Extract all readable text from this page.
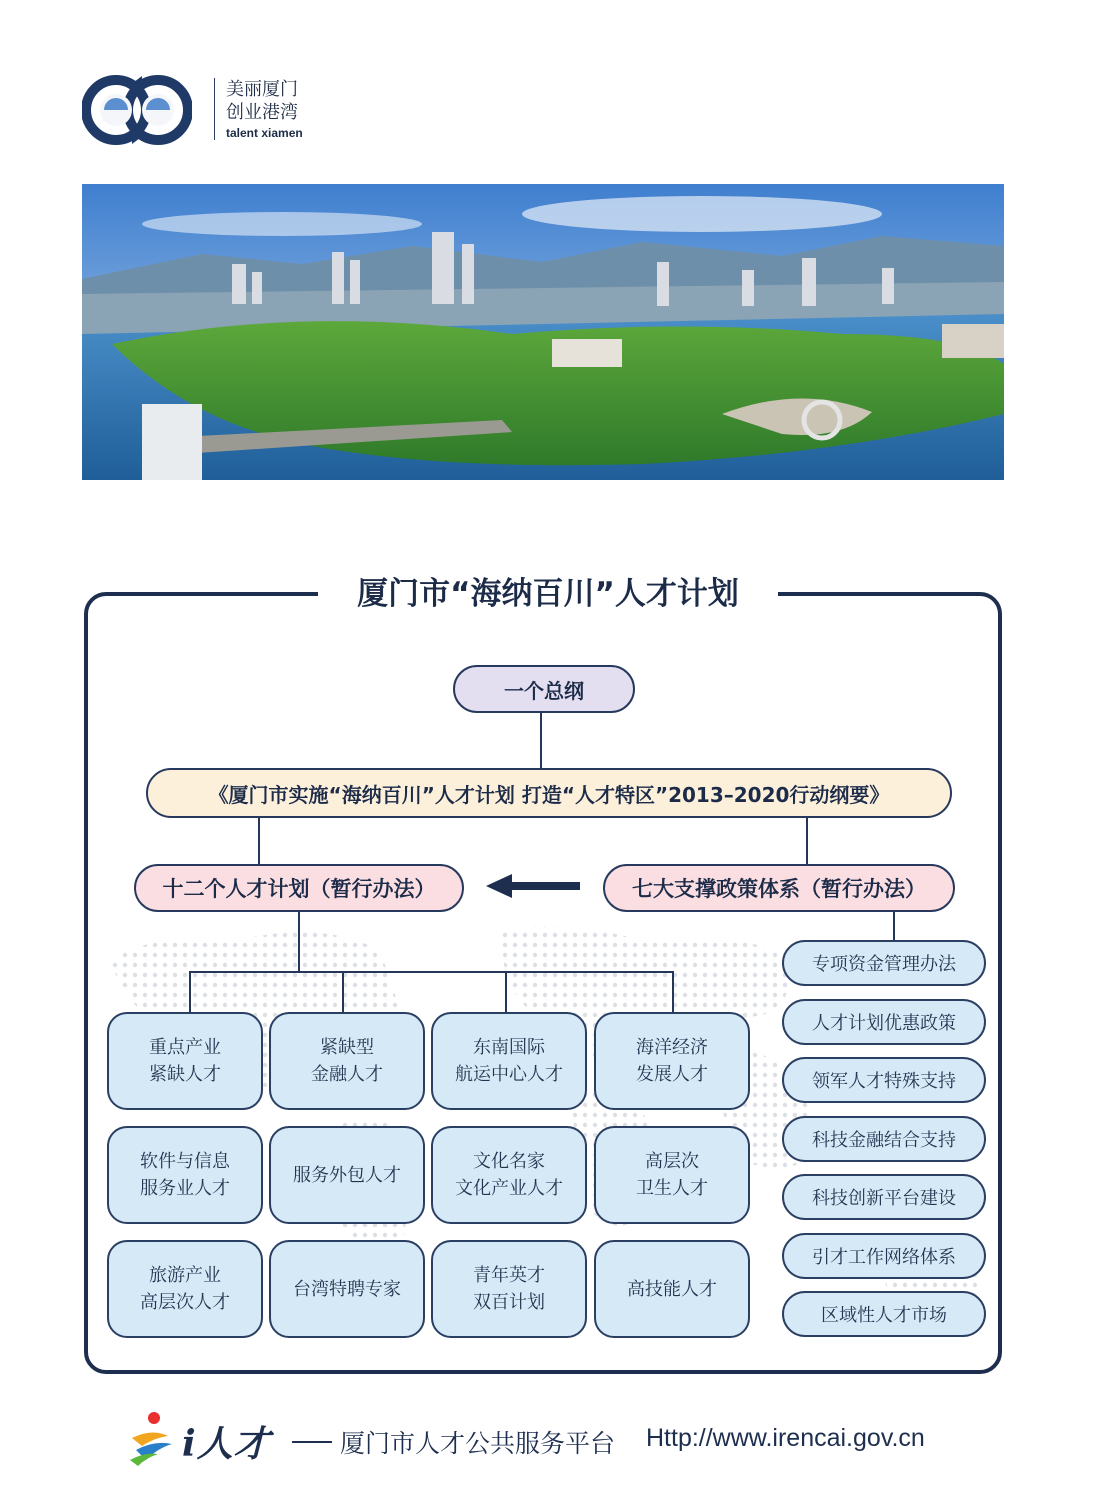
美丽厦门
创业港湾
talent xiamen
厦门市“海纳百川”人才计划
一个总纲
《厦门市实施“海纳百川”人才计划 打造“人才特区”2013–2020行动纲要》
十二个人才计划（暂行办法）	七大支撑政策体系（暂行办法）
重点产业
紧缺人才
紧缺型
金融人才
东南国际
航运中心人才
海洋经济
发展人才
软件与信息
服务业人才
服务外包人才
文化名家
文化产业人才
高层次
卫生人才
旅游产业
高层次人才
台湾特聘专家
青年英才
双百计划
高技能人才
专项资金管理办法
人才计划优惠政策
领军人才特殊支持
科技金融结合支持
科技创新平台建设
引才工作网络体系
区域性人才市场
i人才	厦门市人才公共服务平台 Http://www.irencai.gov.cn
